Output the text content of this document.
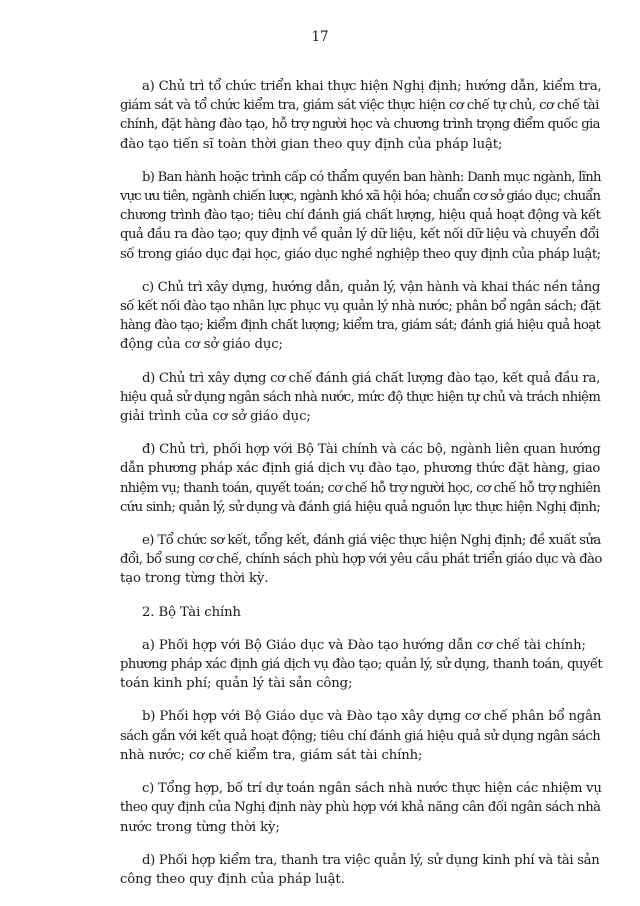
17
a) Chủ trì tổ chức triển khai thực hiện Nghị định; hướng dẫn, kiểm tra,
giám sát và tổ chức kiểm tra, giám sát việc thực hiện cơ chế tự chủ, cơ chế tài
chính, đặt hàng đào tạo, hỗ trợ người học và chương trình trọng điểm quốc gia
đào tạo tiến sĩ toàn thời gian theo quy định của pháp luật;
b) Ban hành hoặc trình cấp có thẩm quyền ban hành: Danh mục ngành, lĩnh
vực ưu tiên, ngành chiến lược, ngành khó xã hội hóa; chuẩn cơ sở giáo dục; chuẩn
chương trình đào tạo; tiêu chí đánh giá chất lượng, hiệu quả hoạt động và kết
quả đầu ra đào tạo; quy định về quản lý dữ liệu, kết nối dữ liệu và chuyển đổi
số trong giáo dục đại học, giáo dục nghề nghiệp theo quy định của pháp luật;
c) Chủ trì xây dựng, hướng dẫn, quản lý, vận hành và khai thác nền tảng
số kết nối đào tạo nhân lực phục vụ quản lý nhà nước; phân bổ ngân sách; đặt
hàng đào tạo; kiểm định chất lượng; kiểm tra, giám sát; đánh giá hiệu quả hoạt
động của cơ sở giáo dục;
d) Chủ trì xây dựng cơ chế đánh giá chất lượng đào tạo, kết quả đầu ra,
hiệu quả sử dụng ngân sách nhà nước, mức độ thực hiện tự chủ và trách nhiệm
giải trình của cơ sở giáo dục;
đ) Chủ trì, phối hợp với Bộ Tài chính và các bộ, ngành liên quan hướng
dẫn phương pháp xác định giá dịch vụ đào tạo, phương thức đặt hàng, giao
nhiệm vụ; thanh toán, quyết toán; cơ chế hỗ trợ người học, cơ chế hỗ trợ nghiên
cứu sinh; quản lý, sử dụng và đánh giá hiệu quả nguồn lực thực hiện Nghị định;
e) Tổ chức sơ kết, tổng kết, đánh giá việc thực hiện Nghị định; đề xuất sửa
đổi, bổ sung cơ chế, chính sách phù hợp với yêu cầu phát triển giáo dục và đào
tạo trong từng thời kỳ.
2. Bộ Tài chính
a) Phối hợp với Bộ Giáo dục và Đào tạo hướng dẫn cơ chế tài chính;
phương pháp xác định giá dịch vụ đào tạo; quản lý, sử dụng, thanh toán, quyết
toán kinh phí; quản lý tài sản công;
b) Phối hợp với Bộ Giáo dục và Đào tạo xây dựng cơ chế phân bổ ngân
sách gắn với kết quả hoạt động; tiêu chí đánh giá hiệu quả sử dụng ngân sách
nhà nước; cơ chế kiểm tra, giám sát tài chính;
c) Tổng hợp, bố trí dự toán ngân sách nhà nước thực hiện các nhiệm vụ
theo quy định của Nghị định này phù hợp với khả năng cân đối ngân sách nhà
nước trong từng thời kỳ;
d) Phối hợp kiểm tra, thanh tra việc quản lý, sử dụng kinh phí và tài sản
công theo quy định của pháp luật.
